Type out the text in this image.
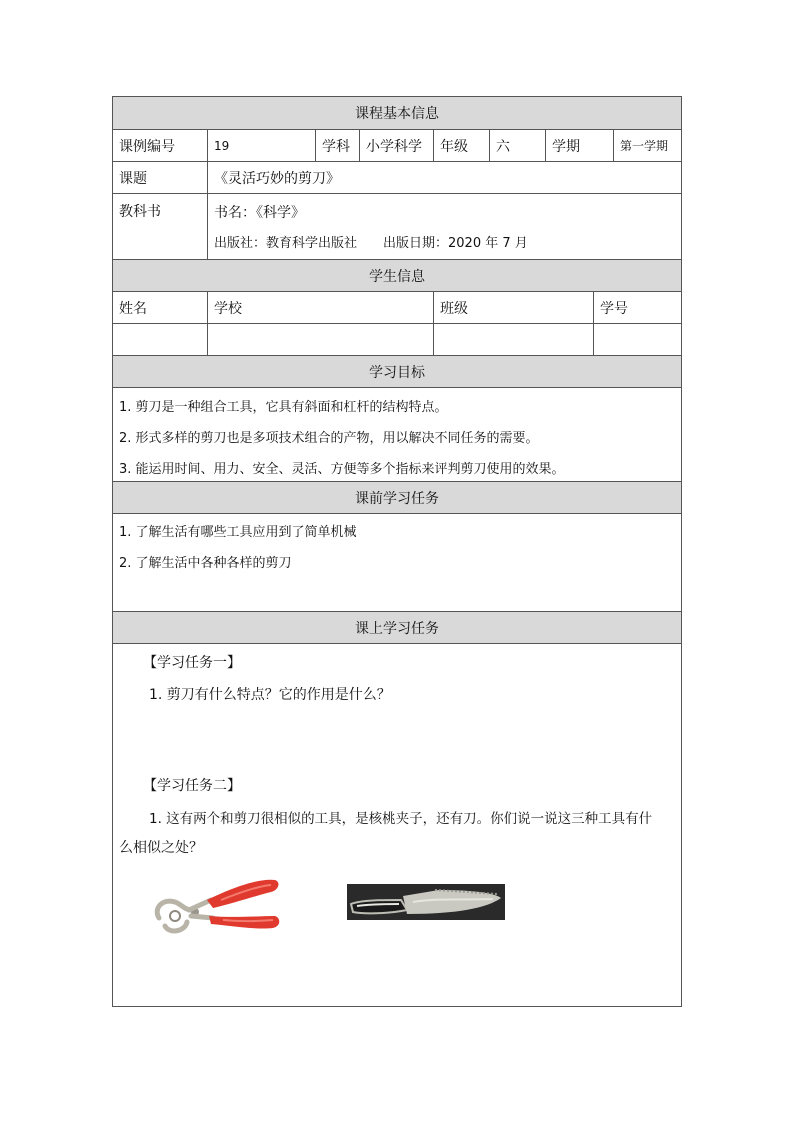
课程基本信息
课例编号	19	学科	小学科学	年级	六	学期	第一学期
课题	《灵活巧妙的剪刀》
教科书	书名：《科学》
出版社：教育科学出版社　　出版日期：2020 年 7 月
学生信息
姓名	学校	班级	学号
学习目标
1. 剪刀是一种组合工具，它具有斜面和杠杆的结构特点。
2. 形式多样的剪刀也是多项技术组合的产物，用以解决不同任务的需要。
3. 能运用时间、用力、安全、灵活、方便等多个指标来评判剪刀使用的效果。
课前学习任务
1. 了解生活有哪些工具应用到了简单机械
2. 了解生活中各种各样的剪刀
课上学习任务
【学习任务一】
1. 剪刀有什么特点？它的作用是什么？
【学习任务二】
1. 这有两个和剪刀很相似的工具，是核桃夹子，还有刀。你们说一说这三种工具有什
么相似之处？
